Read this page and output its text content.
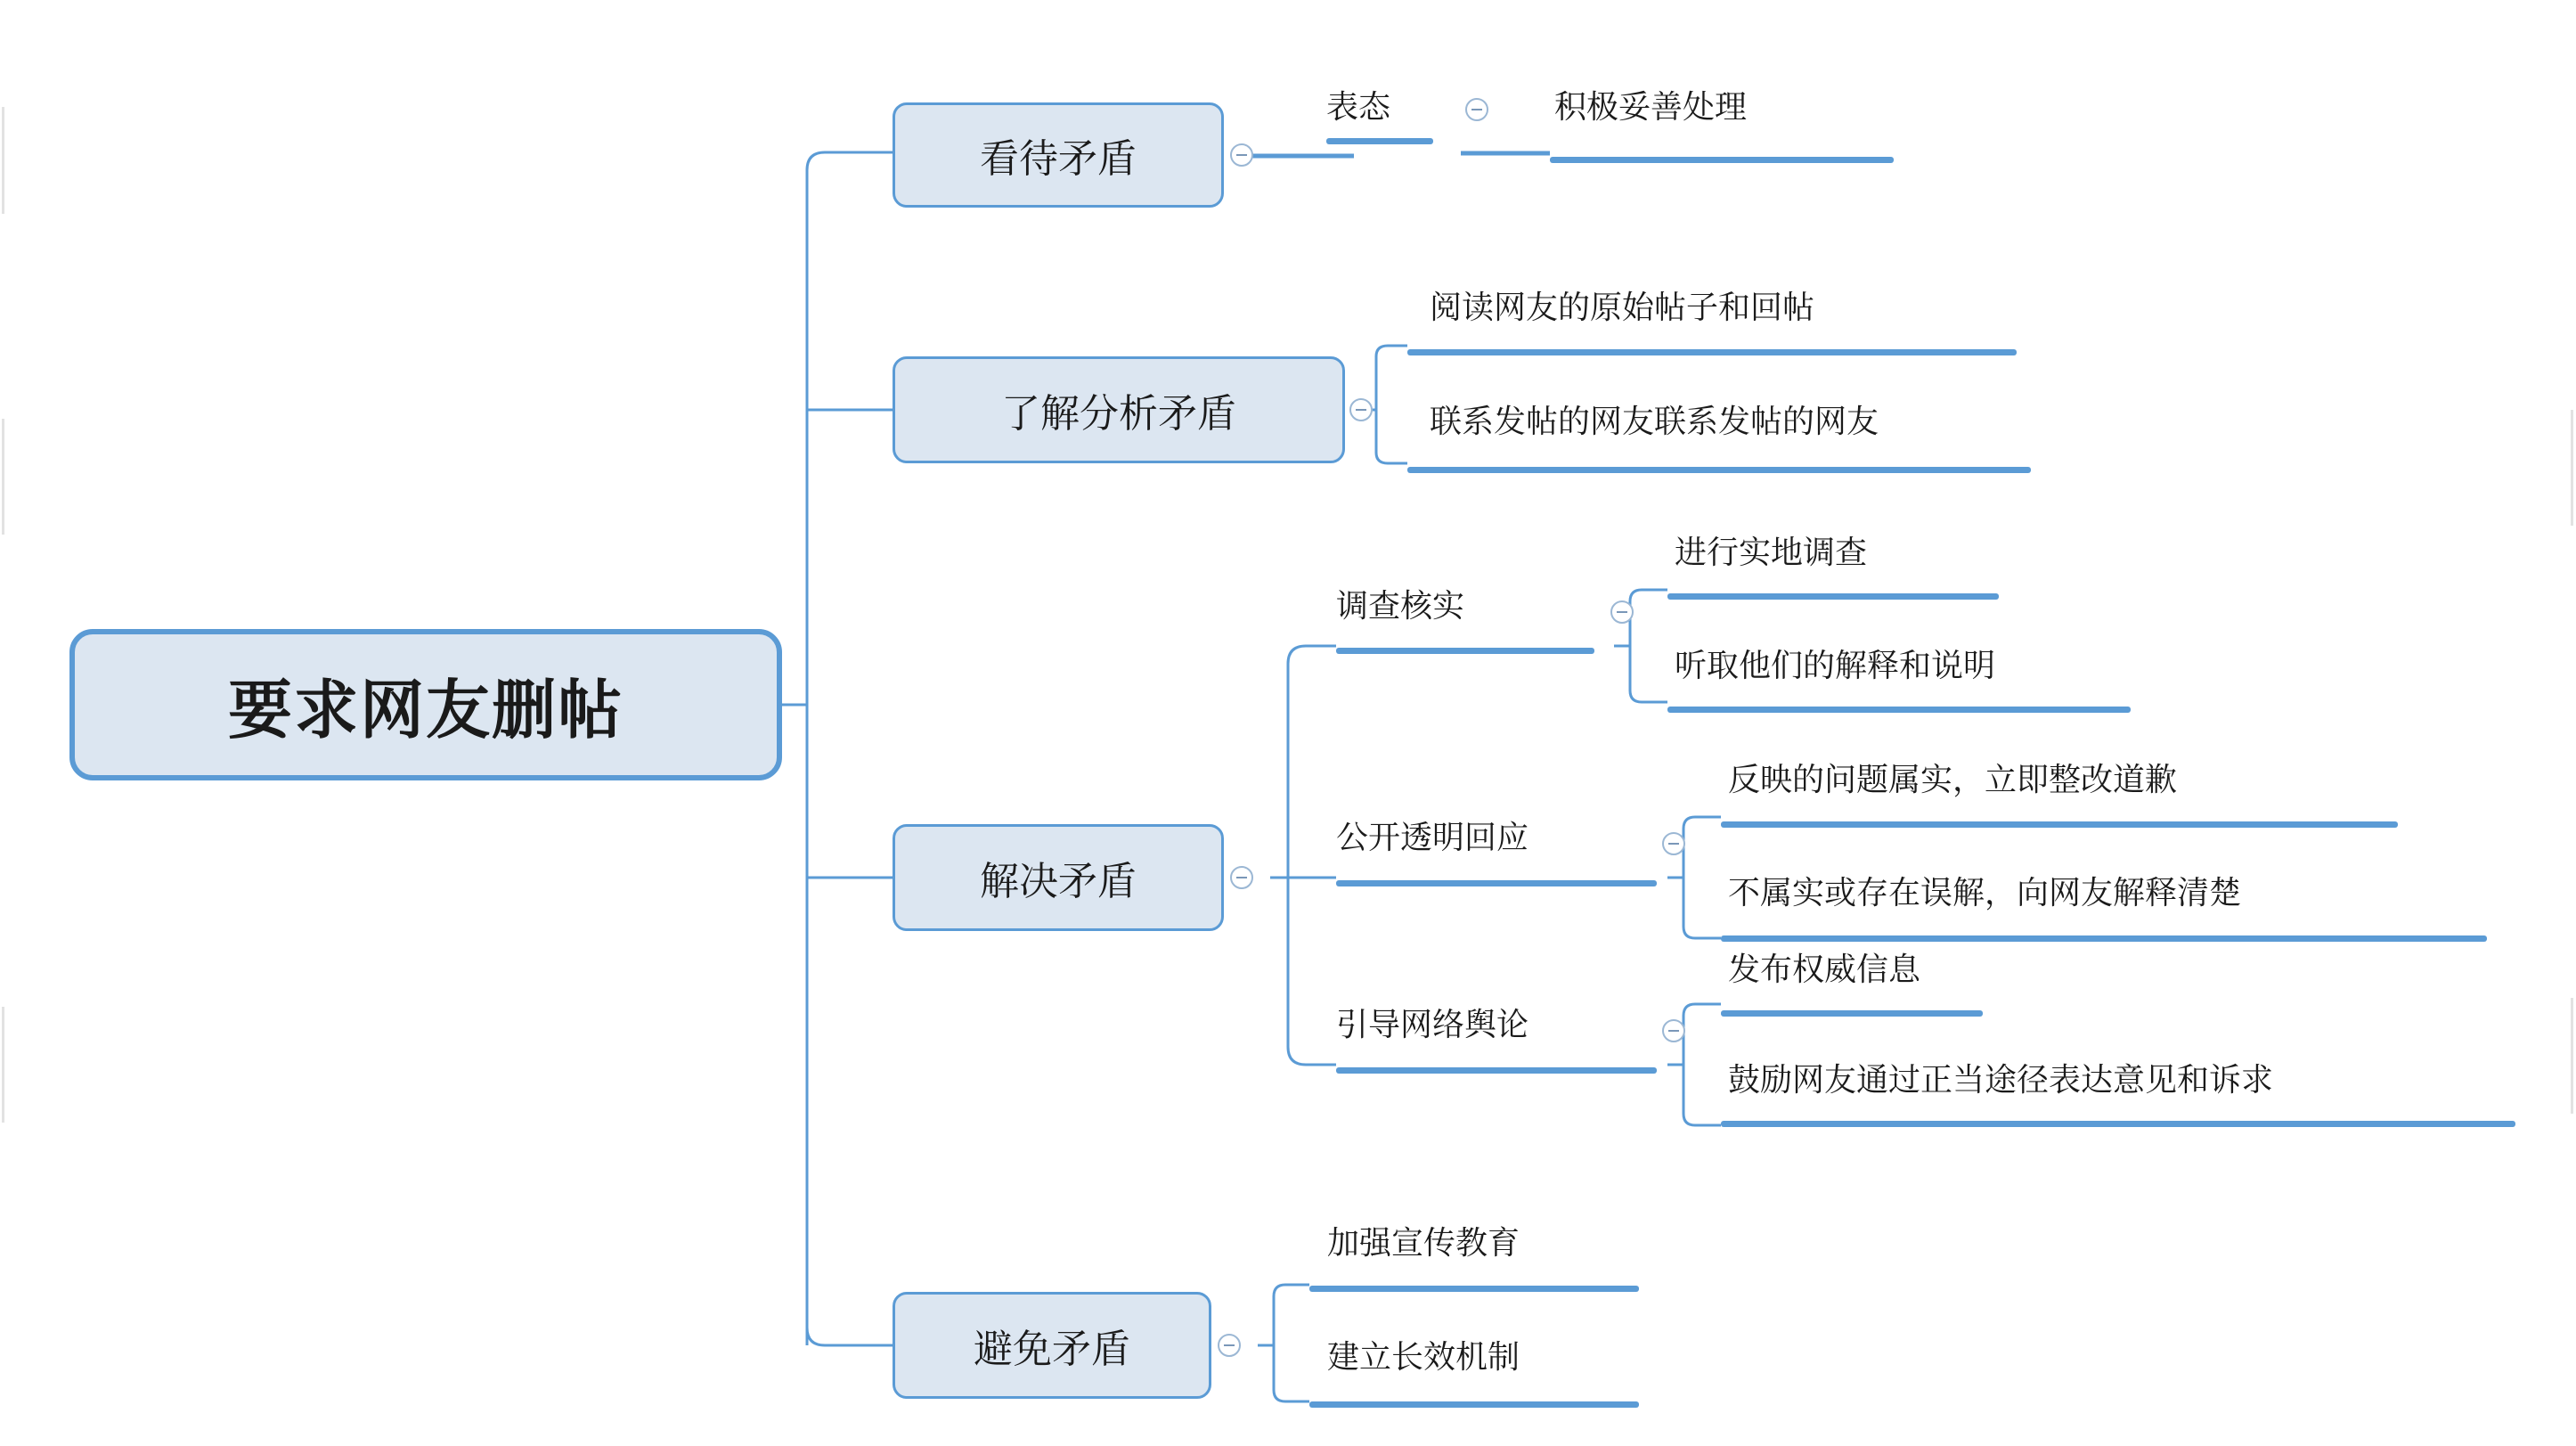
要求网友删帖
看待矛盾
表态	积极妥善处理
了解分析矛盾
阅读网友的原始帖子和回帖
联系发帖的网友联系发帖的网友
解决矛盾
调查核实
进行实地调查
听取他们的解释和说明
公开透明回应
反映的问题属实，立即整改道歉
不属实或存在误解，向网友解释清楚
引导网络舆论
发布权威信息
鼓励网友通过正当途径表达意见和诉求
避免矛盾
加强宣传教育
建立长效机制
